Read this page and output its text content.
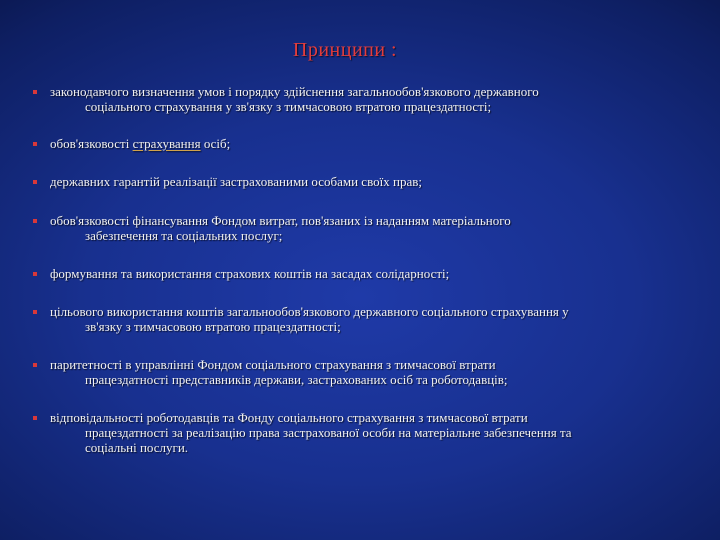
Принципи :
законодавчого визначення умов і порядку здійснення загальнообов'язкового державного
соціального страхування у зв'язку з тимчасовою втратою працездатності;
обов'язковості страхування осіб;
державних гарантій реалізації застрахованими особами своїх прав;
обов'язковості фінансування Фондом витрат, пов'язаних із наданням матеріального
забезпечення та соціальних послуг;
формування та використання страхових коштів на засадах солідарності;
цільового використання коштів загальнообов'язкового державного соціального страхування у
зв'язку з тимчасовою втратою працездатності;
паритетності в управлінні Фондом соціального страхування з тимчасової втрати
працездатності представників держави, застрахованих осіб та роботодавців;
відповідальності роботодавців та Фонду соціального страхування з тимчасової втрати
працездатності за реалізацію права застрахованої особи на матеріальне забезпечення та
соціальні послуги.
